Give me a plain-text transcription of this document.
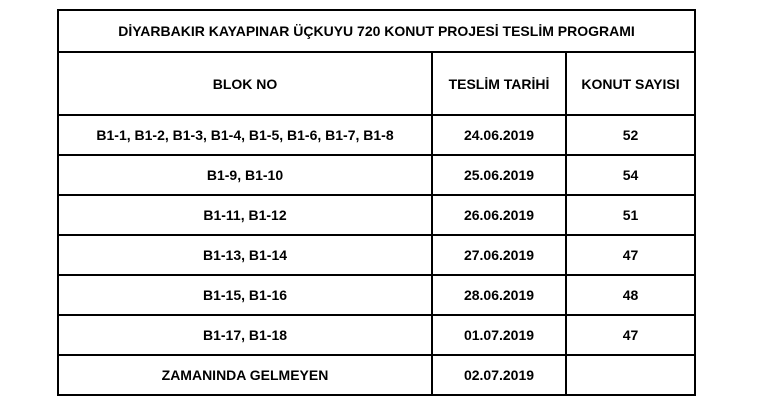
DİYARBAKIR KAYAPINAR ÜÇKUYU 720 KONUT PROJESİ TESLİM PROGRAMI		
BLOK NO	TESLİM TARİHİ	KONUT SAYISI
B1-1, B1-2, B1-3, B1-4, B1-5, B1-6, B1-7, B1-8	24.06.2019	52
B1-9, B1-10	25.06.2019	54
B1-11, B1-12	26.06.2019	51
B1-13, B1-14	27.06.2019	47
B1-15, B1-16	28.06.2019	48
B1-17, B1-18	01.07.2019	47
ZAMANINDA GELMEYEN	02.07.2019	
